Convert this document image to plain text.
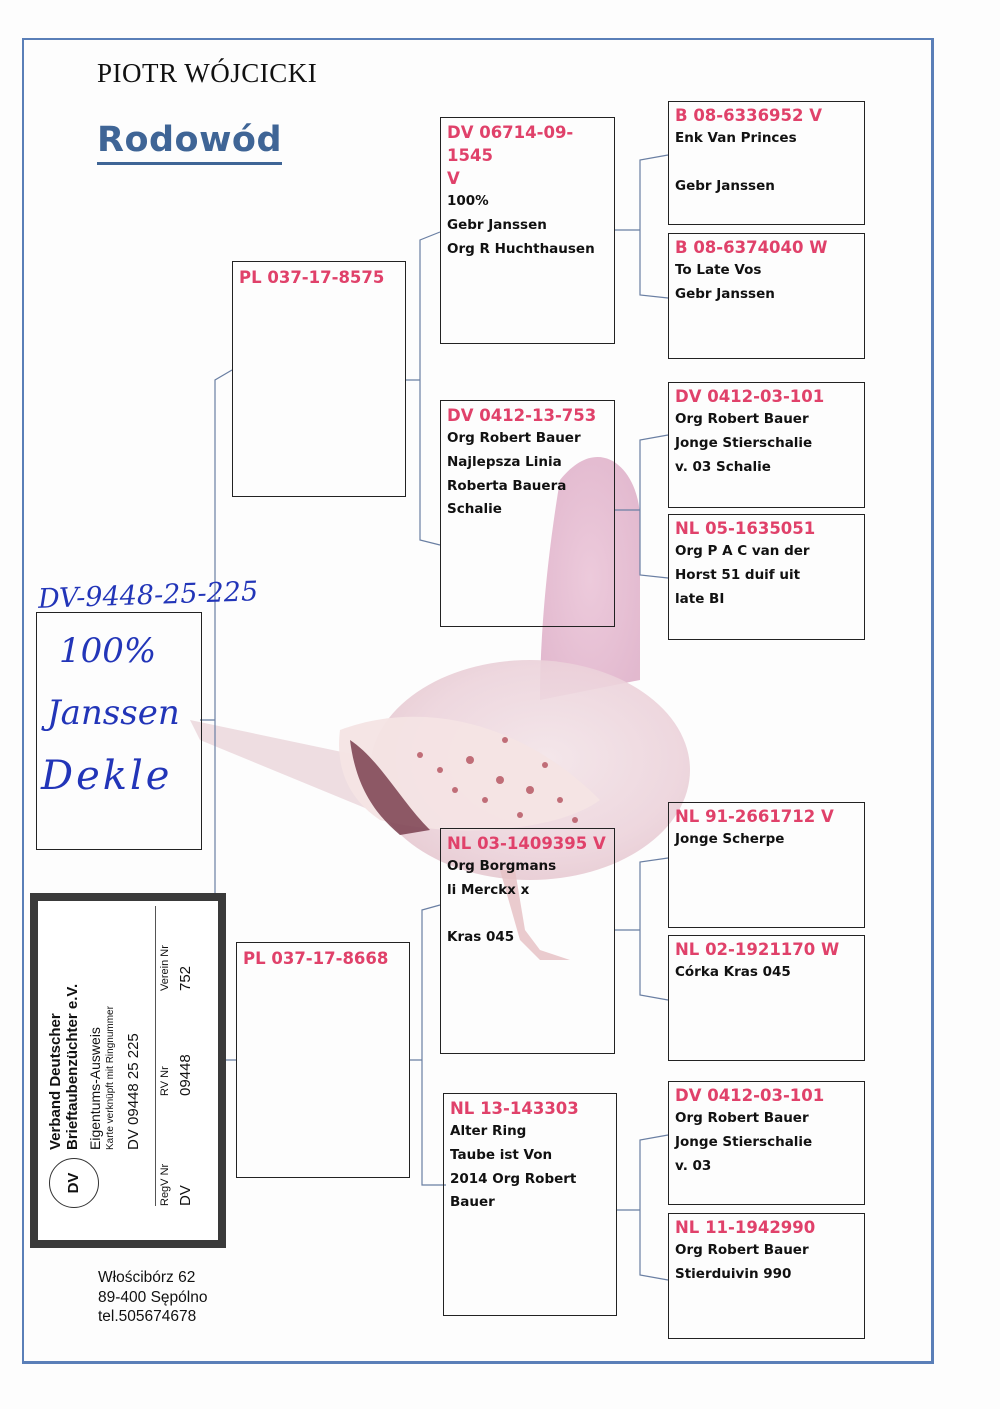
PIOTR WÓJCICKI
Rodowód
DV-9448-25-225
100%
Janssen
Dekle
PL 037-17-8575
PL 037-17-8668
DV 06714-09-1545
V
100%
Gebr Janssen
Org R Huchthausen
DV 0412-13-753
Org Robert Bauer
Najlepsza Linia
Roberta Bauera
Schalie
NL 03-1409395 V
Org Borgmans
li Merckx x
Kras 045
NL 13-143303
Alter Ring
Taube ist Von
2014 Org Robert
Bauer
B 08-6336952 V
Enk Van Princes
Gebr Janssen
B 08-6374040 W
To Late Vos
Gebr Janssen
DV 0412-03-101
Org Robert Bauer
Jonge Stierschalie
v. 03 Schalie
NL 05-1635051
Org P A C van der
Horst 51 duif uit
late BI
NL 91-2661712 V
Jonge Scherpe
NL 02-1921170 W
Córka Kras 045
DV 0412-03-101
Org Robert Bauer
Jonge Stierschalie
v. 03
NL 11-1942990
Org Robert Bauer
Stierduivin 990
DV
Verband Deutscher Brieftaubenzüchter e.V. Eigentums-Ausweis Karte verknüpft mit Ringnummer DV 09448 25 225
RegV Nr
RV Nr
Verein Nr
DV
09448
752
Włościbórz 62
89-400 Sępólno
tel.505674678
